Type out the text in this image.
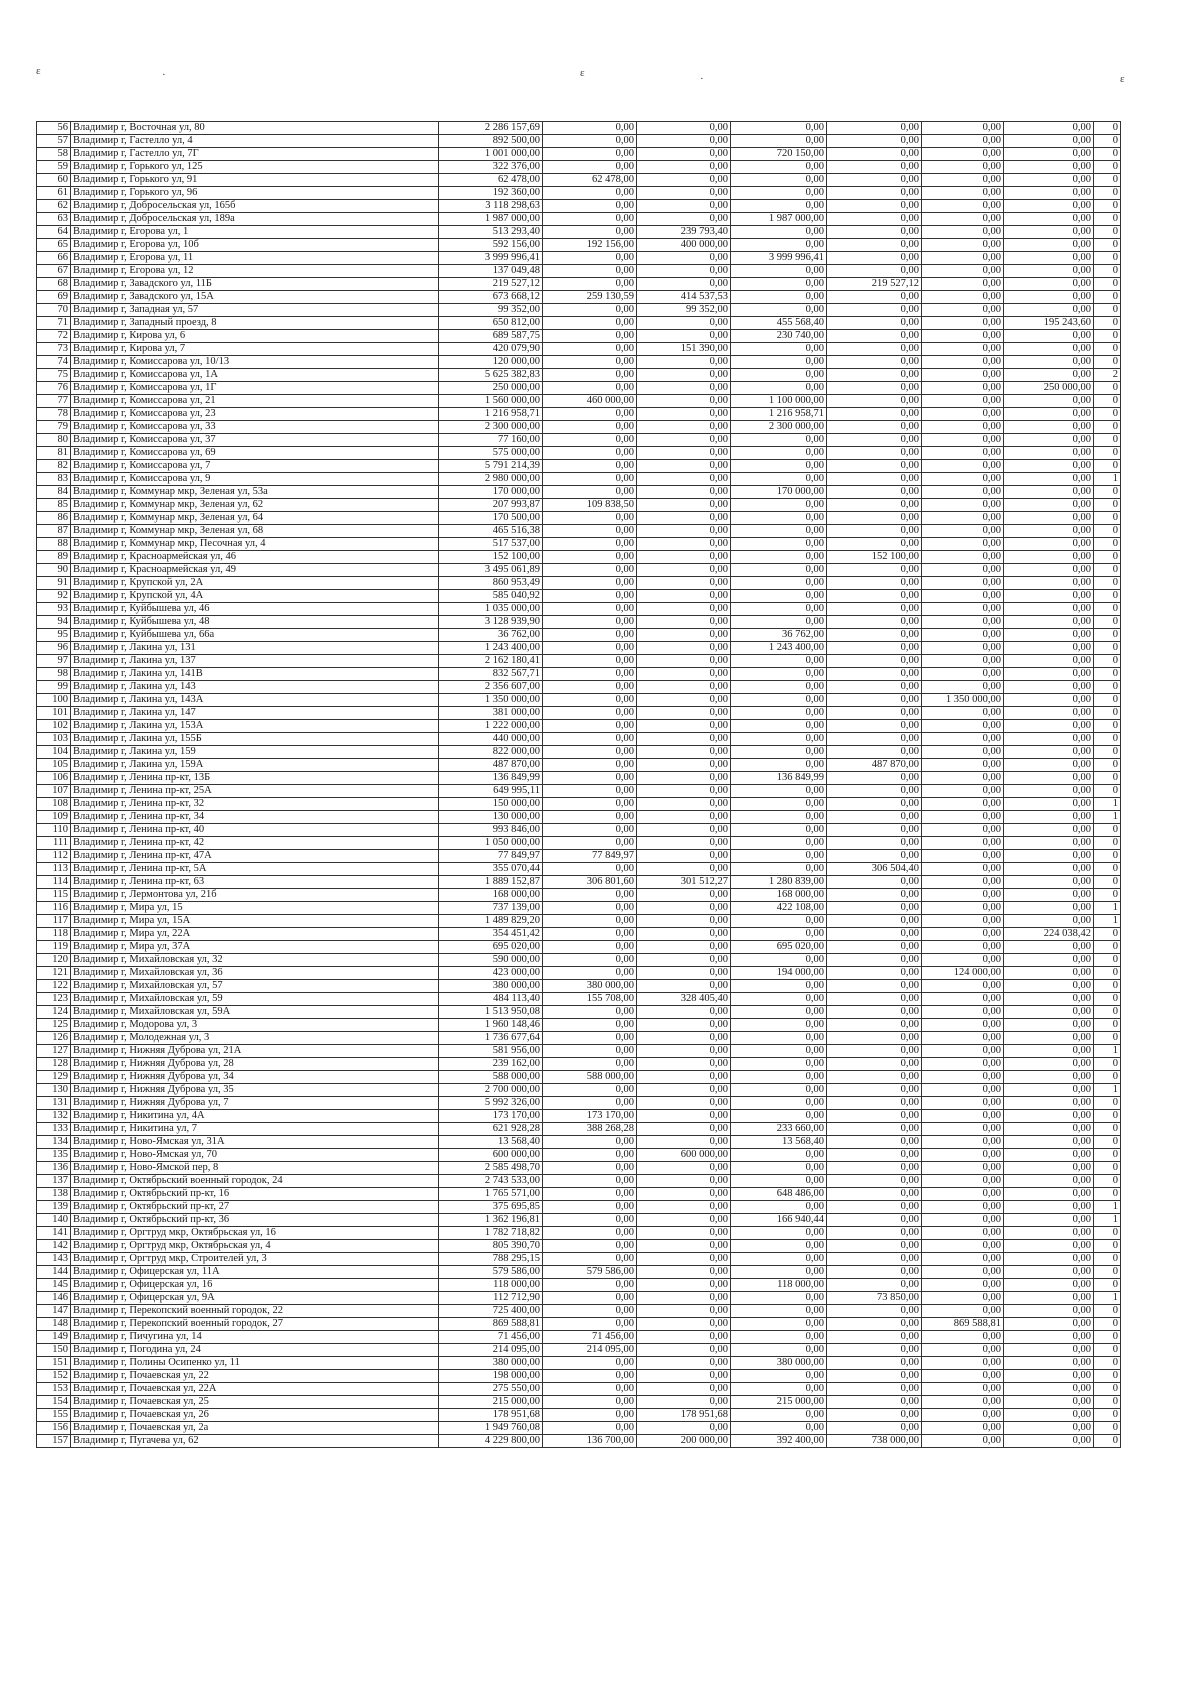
ε	·	ε	·	ε
56	Владимир г, Восточная ул, 80	2 286 157,69	0,00	0,00	0,00	0,00	0,00	0,00	0
57	Владимир г, Гастелло ул, 4	892 500,00	0,00	0,00	0,00	0,00	0,00	0,00	0
58	Владимир г, Гастелло ул, 7Г	1 001 000,00	0,00	0,00	720 150,00	0,00	0,00	0,00	0
59	Владимир г, Горького ул, 125	322 376,00	0,00	0,00	0,00	0,00	0,00	0,00	0
60	Владимир г, Горького ул, 91	62 478,00	62 478,00	0,00	0,00	0,00	0,00	0,00	0
61	Владимир г, Горького ул, 96	192 360,00	0,00	0,00	0,00	0,00	0,00	0,00	0
62	Владимир г, Добросельская ул, 165б	3 118 298,63	0,00	0,00	0,00	0,00	0,00	0,00	0
63	Владимир г, Добросельская ул, 189а	1 987 000,00	0,00	0,00	1 987 000,00	0,00	0,00	0,00	0
64	Владимир г, Егорова ул, 1	513 293,40	0,00	239 793,40	0,00	0,00	0,00	0,00	0
65	Владимир г, Егорова ул, 10б	592 156,00	192 156,00	400 000,00	0,00	0,00	0,00	0,00	0
66	Владимир г, Егорова ул, 11	3 999 996,41	0,00	0,00	3 999 996,41	0,00	0,00	0,00	0
67	Владимир г, Егорова ул, 12	137 049,48	0,00	0,00	0,00	0,00	0,00	0,00	0
68	Владимир г, Завадского ул, 11Б	219 527,12	0,00	0,00	0,00	219 527,12	0,00	0,00	0
69	Владимир г, Завадского ул, 15А	673 668,12	259 130,59	414 537,53	0,00	0,00	0,00	0,00	0
70	Владимир г, Западная ул, 57	99 352,00	0,00	99 352,00	0,00	0,00	0,00	0,00	0
71	Владимир г, Западный проезд, 8	650 812,00	0,00	0,00	455 568,40	0,00	0,00	195 243,60	0
72	Владимир г, Кирова ул, 6	689 587,75	0,00	0,00	230 740,00	0,00	0,00	0,00	0
73	Владимир г, Кирова ул, 7	420 079,90	0,00	151 390,00	0,00	0,00	0,00	0,00	0
74	Владимир г, Комиссарова ул, 10/13	120 000,00	0,00	0,00	0,00	0,00	0,00	0,00	0
75	Владимир г, Комиссарова ул, 1А	5 625 382,83	0,00	0,00	0,00	0,00	0,00	0,00	2
76	Владимир г, Комиссарова ул, 1Г	250 000,00	0,00	0,00	0,00	0,00	0,00	250 000,00	0
77	Владимир г, Комиссарова ул, 21	1 560 000,00	460 000,00	0,00	1 100 000,00	0,00	0,00	0,00	0
78	Владимир г, Комиссарова ул, 23	1 216 958,71	0,00	0,00	1 216 958,71	0,00	0,00	0,00	0
79	Владимир г, Комиссарова ул, 33	2 300 000,00	0,00	0,00	2 300 000,00	0,00	0,00	0,00	0
80	Владимир г, Комиссарова ул, 37	77 160,00	0,00	0,00	0,00	0,00	0,00	0,00	0
81	Владимир г, Комиссарова ул, 69	575 000,00	0,00	0,00	0,00	0,00	0,00	0,00	0
82	Владимир г, Комиссарова ул, 7	5 791 214,39	0,00	0,00	0,00	0,00	0,00	0,00	0
83	Владимир г, Комиссарова ул, 9	2 980 000,00	0,00	0,00	0,00	0,00	0,00	0,00	1
84	Владимир г, Коммунар мкр, Зеленая ул, 53а	170 000,00	0,00	0,00	170 000,00	0,00	0,00	0,00	0
85	Владимир г, Коммунар мкр, Зеленая ул, 62	207 993,87	109 838,50	0,00	0,00	0,00	0,00	0,00	0
86	Владимир г, Коммунар мкр, Зеленая ул, 64	170 500,00	0,00	0,00	0,00	0,00	0,00	0,00	0
87	Владимир г, Коммунар мкр, Зеленая ул, 68	465 516,38	0,00	0,00	0,00	0,00	0,00	0,00	0
88	Владимир г, Коммунар мкр, Песочная ул, 4	517 537,00	0,00	0,00	0,00	0,00	0,00	0,00	0
89	Владимир г, Красноармейская ул, 46	152 100,00	0,00	0,00	0,00	152 100,00	0,00	0,00	0
90	Владимир г, Красноармейская ул, 49	3 495 061,89	0,00	0,00	0,00	0,00	0,00	0,00	0
91	Владимир г, Крупской ул, 2А	860 953,49	0,00	0,00	0,00	0,00	0,00	0,00	0
92	Владимир г, Крупской ул, 4А	585 040,92	0,00	0,00	0,00	0,00	0,00	0,00	0
93	Владимир г, Куйбышева ул, 46	1 035 000,00	0,00	0,00	0,00	0,00	0,00	0,00	0
94	Владимир г, Куйбышева ул, 48	3 128 939,90	0,00	0,00	0,00	0,00	0,00	0,00	0
95	Владимир г, Куйбышева ул, 66а	36 762,00	0,00	0,00	36 762,00	0,00	0,00	0,00	0
96	Владимир г, Лакина ул, 131	1 243 400,00	0,00	0,00	1 243 400,00	0,00	0,00	0,00	0
97	Владимир г, Лакина ул, 137	2 162 180,41	0,00	0,00	0,00	0,00	0,00	0,00	0
98	Владимир г, Лакина ул, 141В	832 567,71	0,00	0,00	0,00	0,00	0,00	0,00	0
99	Владимир г, Лакина ул, 143	2 356 607,00	0,00	0,00	0,00	0,00	0,00	0,00	0
100	Владимир г, Лакина ул, 143А	1 350 000,00	0,00	0,00	0,00	0,00	1 350 000,00	0,00	0
101	Владимир г, Лакина ул, 147	381 000,00	0,00	0,00	0,00	0,00	0,00	0,00	0
102	Владимир г, Лакина ул, 153А	1 222 000,00	0,00	0,00	0,00	0,00	0,00	0,00	0
103	Владимир г, Лакина ул, 155Б	440 000,00	0,00	0,00	0,00	0,00	0,00	0,00	0
104	Владимир г, Лакина ул, 159	822 000,00	0,00	0,00	0,00	0,00	0,00	0,00	0
105	Владимир г, Лакина ул, 159А	487 870,00	0,00	0,00	0,00	487 870,00	0,00	0,00	0
106	Владимир г, Ленина пр-кт, 13Б	136 849,99	0,00	0,00	136 849,99	0,00	0,00	0,00	0
107	Владимир г, Ленина пр-кт, 25А	649 995,11	0,00	0,00	0,00	0,00	0,00	0,00	0
108	Владимир г, Ленина пр-кт, 32	150 000,00	0,00	0,00	0,00	0,00	0,00	0,00	1
109	Владимир г, Ленина пр-кт, 34	130 000,00	0,00	0,00	0,00	0,00	0,00	0,00	1
110	Владимир г, Ленина пр-кт, 40	993 846,00	0,00	0,00	0,00	0,00	0,00	0,00	0
111	Владимир г, Ленина пр-кт, 42	1 050 000,00	0,00	0,00	0,00	0,00	0,00	0,00	0
112	Владимир г, Ленина пр-кт, 47А	77 849,97	77 849,97	0,00	0,00	0,00	0,00	0,00	0
113	Владимир г, Ленина пр-кт, 5А	355 070,44	0,00	0,00	0,00	306 504,40	0,00	0,00	0
114	Владимир г, Ленина пр-кт, 63	1 889 152,87	306 801,60	301 512,27	1 280 839,00	0,00	0,00	0,00	0
115	Владимир г, Лермонтова ул, 21б	168 000,00	0,00	0,00	168 000,00	0,00	0,00	0,00	0
116	Владимир г, Мира ул, 15	737 139,00	0,00	0,00	422 108,00	0,00	0,00	0,00	1
117	Владимир г, Мира ул, 15А	1 489 829,20	0,00	0,00	0,00	0,00	0,00	0,00	1
118	Владимир г, Мира ул, 22А	354 451,42	0,00	0,00	0,00	0,00	0,00	224 038,42	0
119	Владимир г, Мира ул, 37А	695 020,00	0,00	0,00	695 020,00	0,00	0,00	0,00	0
120	Владимир г, Михайловская ул, 32	590 000,00	0,00	0,00	0,00	0,00	0,00	0,00	0
121	Владимир г, Михайловская ул, 36	423 000,00	0,00	0,00	194 000,00	0,00	124 000,00	0,00	0
122	Владимир г, Михайловская ул, 57	380 000,00	380 000,00	0,00	0,00	0,00	0,00	0,00	0
123	Владимир г, Михайловская ул, 59	484 113,40	155 708,00	328 405,40	0,00	0,00	0,00	0,00	0
124	Владимир г, Михайловская ул, 59А	1 513 950,08	0,00	0,00	0,00	0,00	0,00	0,00	0
125	Владимир г, Модорова ул, 3	1 960 148,46	0,00	0,00	0,00	0,00	0,00	0,00	0
126	Владимир г, Молодежная ул, 3	1 736 677,64	0,00	0,00	0,00	0,00	0,00	0,00	0
127	Владимир г, Нижняя Дуброва ул, 21А	581 956,00	0,00	0,00	0,00	0,00	0,00	0,00	1
128	Владимир г, Нижняя Дуброва ул, 28	239 162,00	0,00	0,00	0,00	0,00	0,00	0,00	0
129	Владимир г, Нижняя Дуброва ул, 34	588 000,00	588 000,00	0,00	0,00	0,00	0,00	0,00	0
130	Владимир г, Нижняя Дуброва ул, 35	2 700 000,00	0,00	0,00	0,00	0,00	0,00	0,00	1
131	Владимир г, Нижняя Дуброва ул, 7	5 992 326,00	0,00	0,00	0,00	0,00	0,00	0,00	0
132	Владимир г, Никитина ул, 4А	173 170,00	173 170,00	0,00	0,00	0,00	0,00	0,00	0
133	Владимир г, Никитина ул, 7	621 928,28	388 268,28	0,00	233 660,00	0,00	0,00	0,00	0
134	Владимир г, Ново-Ямская ул, 31А	13 568,40	0,00	0,00	13 568,40	0,00	0,00	0,00	0
135	Владимир г, Ново-Ямская ул, 70	600 000,00	0,00	600 000,00	0,00	0,00	0,00	0,00	0
136	Владимир г, Ново-Ямской пер, 8	2 585 498,70	0,00	0,00	0,00	0,00	0,00	0,00	0
137	Владимир г, Октябрьский военный городок, 24	2 743 533,00	0,00	0,00	0,00	0,00	0,00	0,00	0
138	Владимир г, Октябрьский пр-кт, 16	1 765 571,00	0,00	0,00	648 486,00	0,00	0,00	0,00	0
139	Владимир г, Октябрьский пр-кт, 27	375 695,85	0,00	0,00	0,00	0,00	0,00	0,00	1
140	Владимир г, Октябрьский пр-кт, 36	1 362 196,81	0,00	0,00	166 940,44	0,00	0,00	0,00	1
141	Владимир г, Оргтруд мкр, Октябрьская ул, 16	1 782 718,82	0,00	0,00	0,00	0,00	0,00	0,00	0
142	Владимир г, Оргтруд мкр, Октябрьская ул, 4	805 390,70	0,00	0,00	0,00	0,00	0,00	0,00	0
143	Владимир г, Оргтруд мкр, Строителей ул, 3	788 295,15	0,00	0,00	0,00	0,00	0,00	0,00	0
144	Владимир г, Офицерская ул, 11А	579 586,00	579 586,00	0,00	0,00	0,00	0,00	0,00	0
145	Владимир г, Офицерская ул, 16	118 000,00	0,00	0,00	118 000,00	0,00	0,00	0,00	0
146	Владимир г, Офицерская ул, 9А	112 712,90	0,00	0,00	0,00	73 850,00	0,00	0,00	1
147	Владимир г, Перекопский военный городок, 22	725 400,00	0,00	0,00	0,00	0,00	0,00	0,00	0
148	Владимир г, Перекопский военный городок, 27	869 588,81	0,00	0,00	0,00	0,00	869 588,81	0,00	0
149	Владимир г, Пичугина ул, 14	71 456,00	71 456,00	0,00	0,00	0,00	0,00	0,00	0
150	Владимир г, Погодина ул, 24	214 095,00	214 095,00	0,00	0,00	0,00	0,00	0,00	0
151	Владимир г, Полины Осипенко ул, 11	380 000,00	0,00	0,00	380 000,00	0,00	0,00	0,00	0
152	Владимир г, Почаевская ул, 22	198 000,00	0,00	0,00	0,00	0,00	0,00	0,00	0
153	Владимир г, Почаевская ул, 22А	275 550,00	0,00	0,00	0,00	0,00	0,00	0,00	0
154	Владимир г, Почаевская ул, 25	215 000,00	0,00	0,00	215 000,00	0,00	0,00	0,00	0
155	Владимир г, Почаевская ул, 26	178 951,68	0,00	178 951,68	0,00	0,00	0,00	0,00	0
156	Владимир г, Почаевская ул, 2а	1 949 760,08	0,00	0,00	0,00	0,00	0,00	0,00	0
157	Владимир г, Пугачева ул, 62	4 229 800,00	136 700,00	200 000,00	392 400,00	738 000,00	0,00	0,00	0
